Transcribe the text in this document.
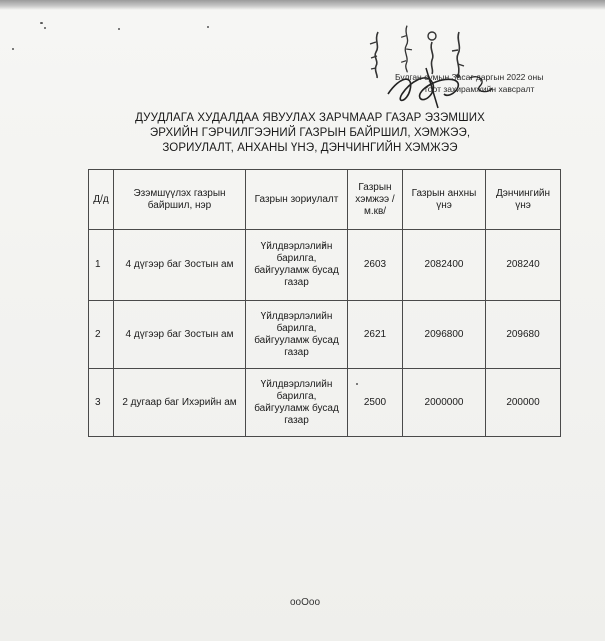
Булган сумын Засаг даргын 2022 оны
тоот захирамжийн хавсралт
ДУУДЛАГА ХУДАЛДАА ЯВУУЛАХ ЗАРЧМААР ГАЗАР ЭЗЭМШИХ
ЭРХИЙН ГЭРЧИЛГЭЭНИЙ ГАЗРЫН БАЙРШИЛ, ХЭМЖЭЭ,
ЗОРИУЛАЛТ, АНХАНЫ ҮНЭ, ДЭНЧИНГИЙН ХЭМЖЭЭ
Д/д	Эзэмшүүлэх газрын байршил, нэр	Газрын зориулалт	Газрын хэмжээ /м.кв/	Газрын анхны үнэ	Дэнчингийн үнэ
1	4 дүгээр баг Зостын ам	Үйлдвэрлэлийн барилга, байгууламж бусад газар	2603	2082400	208240
2	4 дүгээр баг Зостын ам	Үйлдвэрлэлийн барилга, байгууламж бусад газар	2621	2096800	209680
3	2 дугаар баг Ихэрийн ам	Үйлдвэрлэлийн барилга, байгууламж бусад газар	2500	2000000	200000
ooOoo
